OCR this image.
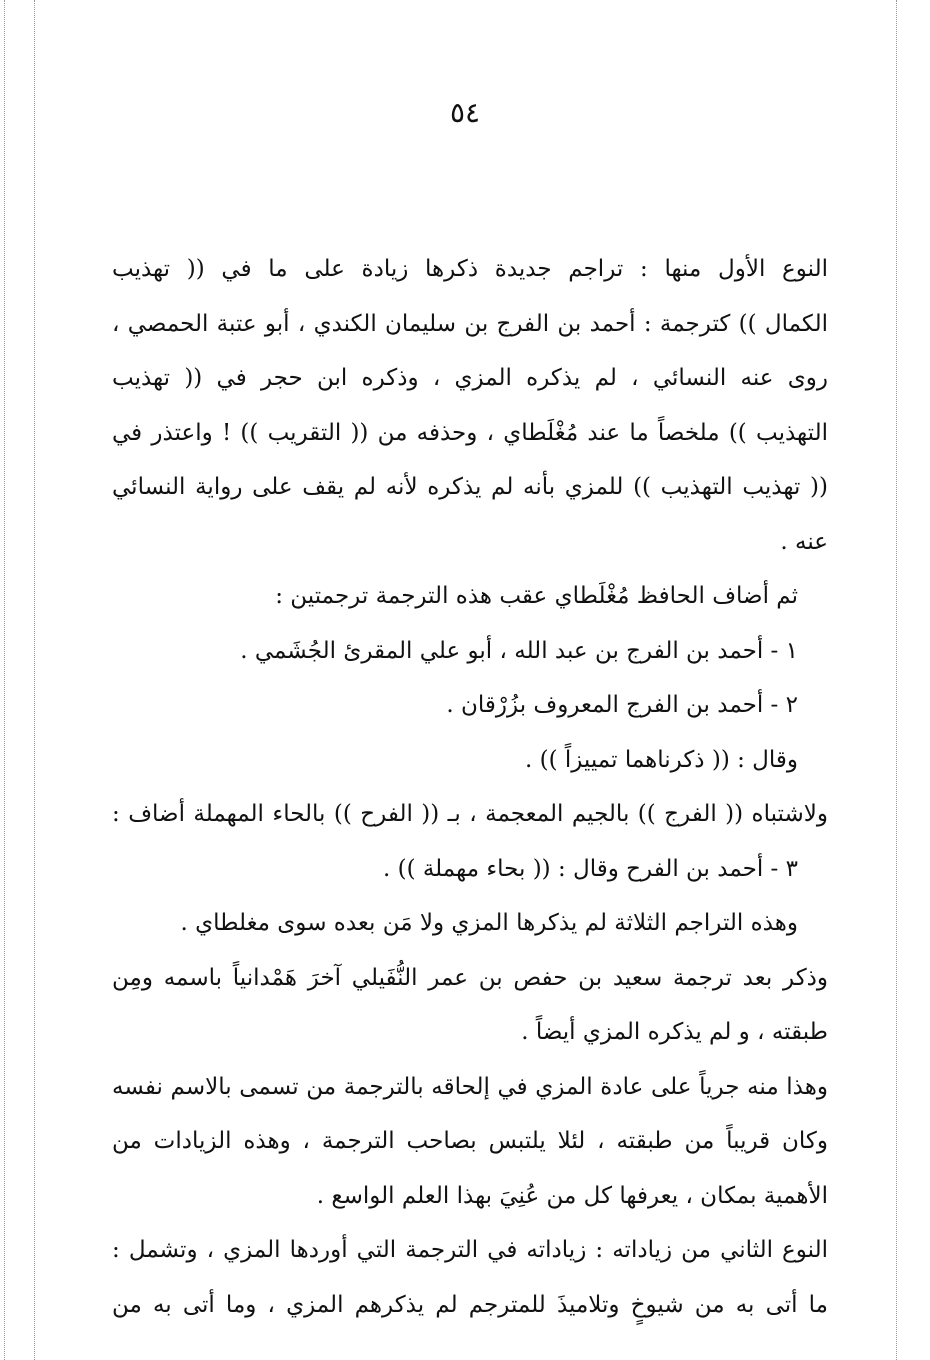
٥٤
النوع الأول منها : تراجم جديدة ذكرها زيادة على ما في (( تهذيب
الكمال )) كترجمة : أحمد بن الفرج بن سليمان الكندي ، أبو عتبة الحمصي ،
روى عنه النسائي ، لم يذكره المزي ، وذكره ابن حجر في (( تهذيب
التهذيب )) ملخصاً ما عند مُغْلَطاي ، وحذفه من (( التقريب )) ! واعتذر في
(( تهذيب التهذيب )) للمزي بأنه لم يذكره لأنه لم يقف على رواية النسائي
عنه .
ثم أضاف الحافظ مُغْلَطاي عقب هذه الترجمة ترجمتين :
١ - أحمد بن الفرج بن عبد الله ، أبو علي المقرئ الجُشَمي .
٢ - أحمد بن الفرج المعروف بزُرْقان .
وقال : (( ذكرناهما تمييزاً )) .
ولاشتباه (( الفرج )) بالجيم المعجمة ، بـ (( الفرح )) بالحاء المهملة أضاف :
٣ - أحمد بن الفرح وقال : (( بحاء مهملة )) .
وهذه التراجم الثلاثة لم يذكرها المزي ولا مَن بعده سوى مغلطاي .
وذكر بعد ترجمة سعيد بن حفص بن عمر النُّفَيلي آخرَ هَمْدانياً باسمه ومِن
طبقته ، و لم يذكره المزي أيضاً .
وهذا منه جرياً على عادة المزي في إلحاقه بالترجمة من تسمى بالاسم نفسه
وكان قريباً من طبقته ، لئلا يلتبس بصاحب الترجمة ، وهذه الزيادات من
الأهمية بمكان ، يعرفها كل من عُنِيَ بهذا العلم الواسع .
النوع الثاني من زياداته : زياداته في الترجمة التي أوردها المزي ، وتشمل :
ما أتى به من شيوخٍ وتلاميذَ للمترجم لم يذكرهم المزي ، وما أتى به من
